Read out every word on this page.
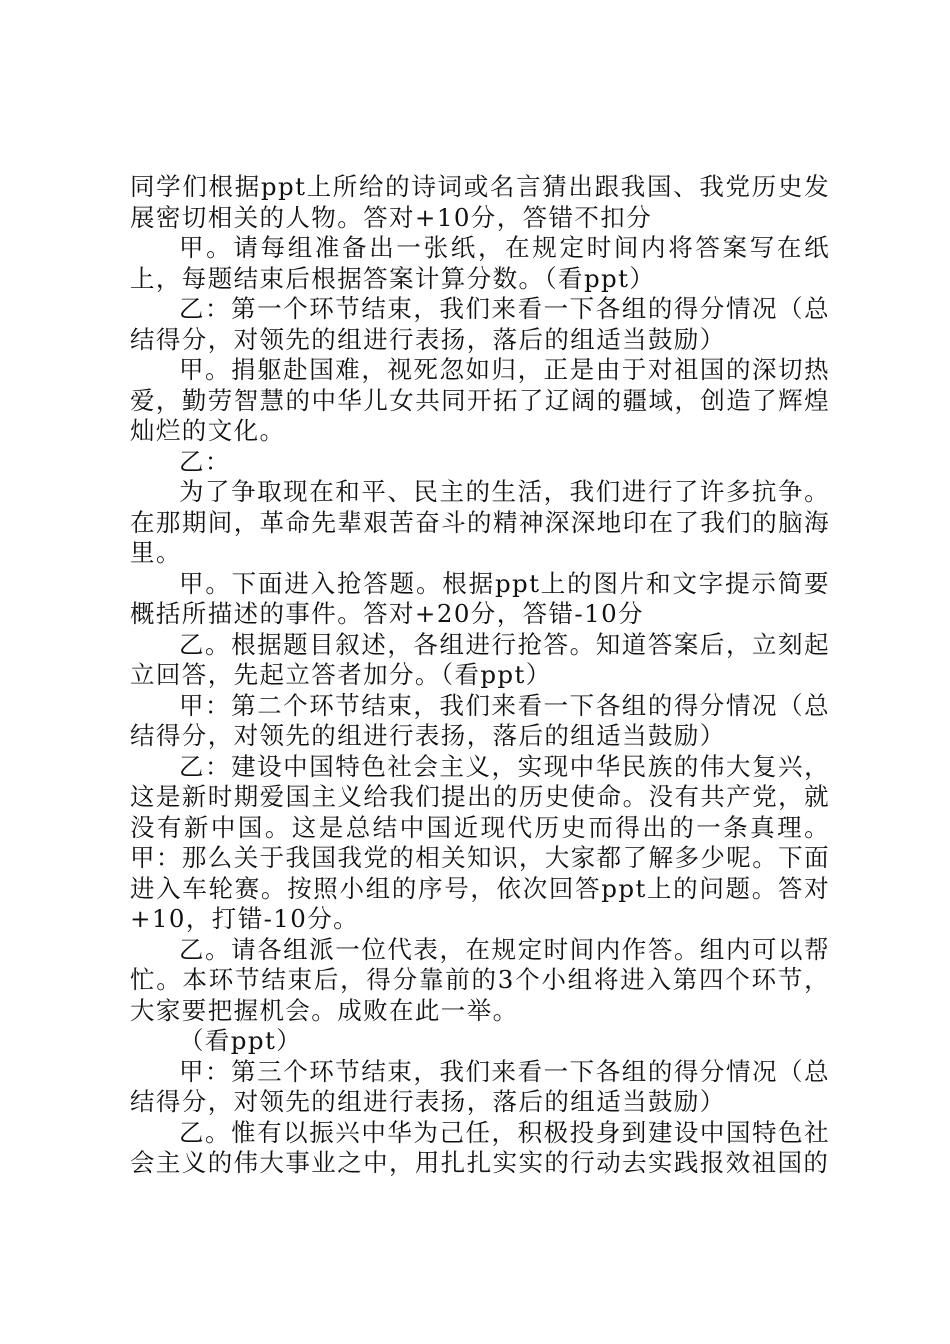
同学们根据ppt上所给的诗词或名言猜出跟我国、我党历史发展密切相关的人物。答对+10分，答错不扣分

甲。请每组准备出一张纸，在规定时间内将答案写在纸上，每题结束后根据答案计算分数。（看ppt）

乙：第一个环节结束，我们来看一下各组的得分情况（总结得分，对领先的组进行表扬，落后的组适当鼓励）

甲。捐躯赴国难，视死忽如归，正是由于对祖国的深切热爱，勤劳智慧的中华儿女共同开拓了辽阔的疆域，创造了辉煌灿烂的文化。

乙：

为了争取现在和平、民主的生活，我们进行了许多抗争。在那期间，革命先辈艰苦奋斗的精神深深地印在了我们的脑海里。

甲。下面进入抢答题。根据ppt上的图片和文字提示简要概括所描述的事件。答对+20分，答错-10分

乙。根据题目叙述，各组进行抢答。知道答案后，立刻起立回答，先起立答者加分。（看ppt）

甲：第二个环节结束，我们来看一下各组的得分情况（总结得分，对领先的组进行表扬，落后的组适当鼓励）

乙：建设中国特色社会主义，实现中华民族的伟大复兴，这是新时期爱国主义给我们提出的历史使命。没有共产党，就没有新中国。这是总结中国近现代历史而得出的一条真理。甲：那么关于我国我党的相关知识，大家都了解多少呢。下面进入车轮赛。按照小组的序号，依次回答ppt上的问题。答对+10，打错-10分。

乙。请各组派一位代表，在规定时间内作答。组内可以帮忙。本环节结束后，得分靠前的3个小组将进入第四个环节，大家要把握机会。成败在此一举。

（看ppt）

甲：第三个环节结束，我们来看一下各组的得分情况（总结得分，对领先的组进行表扬，落后的组适当鼓励）

乙。惟有以振兴中华为己任，积极投身到建设中国特色社会主义的伟大事业之中，用扎扎实实的行动去实践报效祖国的
